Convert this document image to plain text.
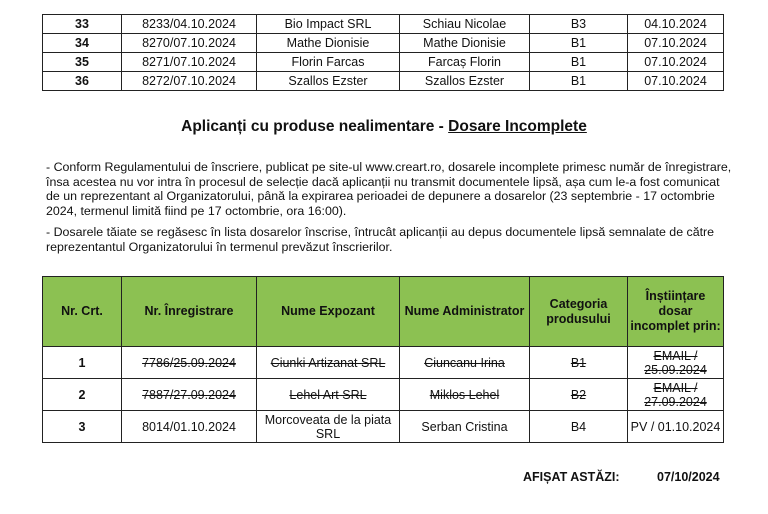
33	8233/04.10.2024	Bio Impact SRL	Schiau Nicolae	B3	04.10.2024
34	8270/07.10.2024	Mathe Dionisie	Mathe Dionisie	B1	07.10.2024
35	8271/07.10.2024	Florin Farcas	Farcaș Florin	B1	07.10.2024
36	8272/07.10.2024	Szallos Ezster	Szallos Ezster	B1	07.10.2024
Aplicanți cu produse nealimentare - Dosare Incomplete
- Conform Regulamentului de înscriere, publicat pe site-ul www.creart.ro, dosarele incomplete primesc număr de înregistrare, însa acestea nu vor intra în procesul de selecție dacă aplicanții nu transmit documentele lipsă, așa cum le-a fost comunicat de un reprezentant al Organizatorului, până la expirarea perioadei de depunere a dosarelor (23 septembrie - 17 octombrie 2024, termenul limită fiind pe 17 octombrie, ora 16:00).
- Dosarele tăiate se regăsesc în lista dosarelor înscrise, întrucât aplicanții au depus documentele lipsă semnalate de către reprezentantul Organizatorului în termenul prevăzut înscrierilor.
Nr. Crt.	Nr. Înregistrare	Nume Expozant	Nume Administrator	Categoria produsului	Înștiințare dosar incomplet prin:
1	7786/25.09.2024	Ciunki Artizanat SRL	Ciuncanu Irina	B1	EMAIL / 25.09.2024
2	7887/27.09.2024	Lehel Art SRL	Miklos Lehel	B2	EMAIL / 27.09.2024
3	8014/01.10.2024	Morcoveata de la piata SRL	Serban Cristina	B4	PV / 01.10.2024
AFIȘAT ASTĂZI:	07/10/2024
